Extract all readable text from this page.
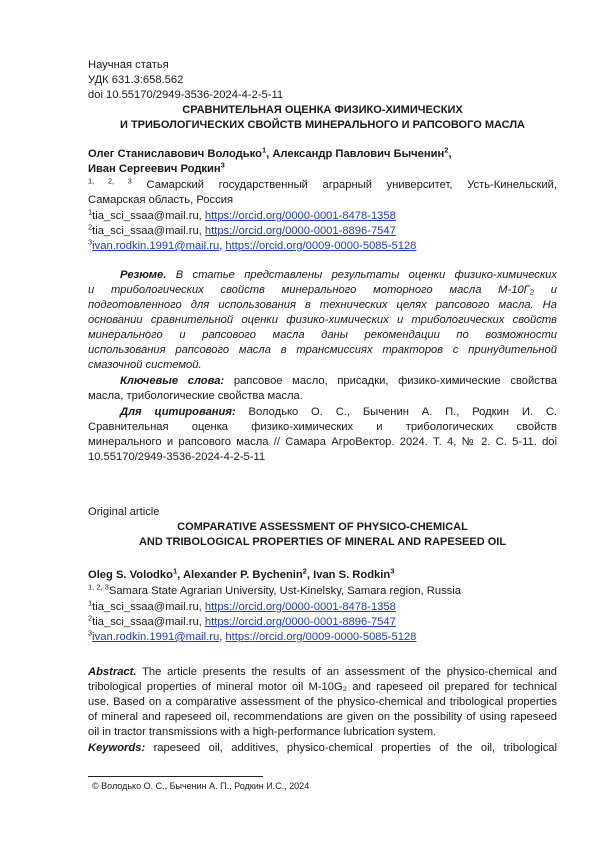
Научная статья
УДК 631.3:658.562
doi 10.55170/2949-3536-2024-4-2-5-11
СРАВНИТЕЛЬНАЯ ОЦЕНКА ФИЗИКО-ХИМИЧЕСКИХ
И ТРИБОЛОГИЧЕСКИХ СВОЙСТВ МИНЕРАЛЬНОГО И РАПСОВОГО МАСЛА
Олег Станиславович Володько$^1$, Александр Павлович Быченин$^2$,
Иван Сергеевич Родкин$^3$
$^{1, 2, 3}$ Самарский государственный аграрный университет, Усть-Кинельский,
Самарская область, Россия
$^1$tia_sci_ssaa@mail.ru, https://orcid.org/0000-0001-8478-1358
$^2$tia_sci_ssaa@mail.ru, https://orcid.org/0000-0001-8896-7547
$^3$ivan.rodkin.1991@mail.ru, https://orcid.org/0009-0000-5085-5128
Резюме. В статье представлены результаты оценки физико-химических
и трибологических свойств минерального моторного масла М-10Г₂ и
подготовленного для использования в технических целях рапсового масла. На
основании сравнительной оценки физико-химических и трибологических свойств
минерального и рапсового масла даны рекомендации по возможности
использования рапсового масла в трансмиссиях тракторов с принудительной
смазочной системой.
Ключевые слова: рапсовое масло, присадки, физико-химические свойства
масла, трибологические свойства масла.
Для цитирования: Володько О. С., Быченин А. П., Родкин И. С.
Сравнительная оценка физико-химических и трибологических свойств
минерального и рапсового масла // Самара АгроВектор. 2024. Т. 4, № 2. С. 5-11. doi
10.55170/2949-3536-2024-4-2-5-11
Original article
COMPARATIVE ASSESSMENT OF PHYSICO-CHEMICAL
AND TRIBOLOGICAL PROPERTIES OF MINERAL AND RAPESEED OIL
Oleg S. Volodko$^1$, Alexander P. Bychenin$^2$, Ivan S. Rodkin$^3$
$^{1, 2, 3}$Samara State Agrarian University, Ust-Kinelsky, Samara region, Russia
$^1$tia_sci_ssaa@mail.ru, https://orcid.org/0000-0001-8478-1358
$^2$tia_sci_ssaa@mail.ru, https://orcid.org/0000-0001-8896-7547
$^3$ivan.rodkin.1991@mail.ru, https://orcid.org/0009-0000-5085-5128
Abstract. The article presents the results of an assessment of the physico-chemical and
tribological properties of mineral motor oil M-10G₂ and rapeseed oil prepared for technical
use. Based on a comparative assessment of the physico-chemical and tribological properties
of mineral and rapeseed oil, recommendations are given on the possibility of using rapeseed
oil in tractor transmissions with a high-performance lubrication system.
Keywords: rapeseed oil, additives, physico-chemical properties of the oil, tribological
© Володько О. С., Быченин А. П., Родкин И.С., 2024
